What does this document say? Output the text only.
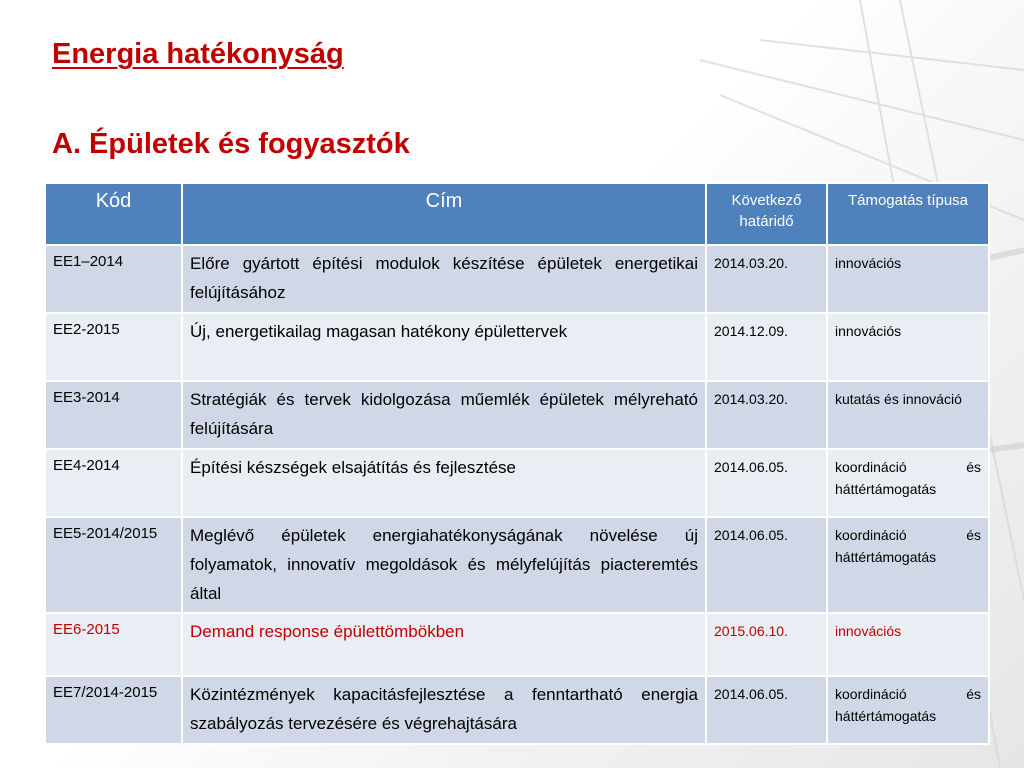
Energia hatékonyság
A. Épületek és fogyasztók
Kód	Cím	Következő határidő	Támogatás típusa
EE1–2014	Előre gyártott építési modulok készítése épületek energetikai felújításához	2014.03.20.	innovációs
EE2-2015	Új, energetikailag magasan hatékony épülettervek	2014.12.09.	innovációs
EE3-2014	Stratégiák és tervek kidolgozása műemlék épületek mélyreható felújítására	2014.03.20.	kutatás és innováció
EE4-2014	Építési készségek elsajátítás és fejlesztése	2014.06.05.	koordináció és háttértámogatás
EE5-2014/2015	Meglévő épületek energiahatékonyságának növelése új folyamatok, innovatív megoldások és mélyfelújítás piacteremtés által	2014.06.05.	koordináció és háttértámogatás
EE6-2015	Demand response épülettömbökben	2015.06.10.	innovációs
EE7/2014-2015	Közintézmények kapacitásfejlesztése a fenntartható energia szabályozás tervezésére és végrehajtására	2014.06.05.	koordináció és háttértámogatás
